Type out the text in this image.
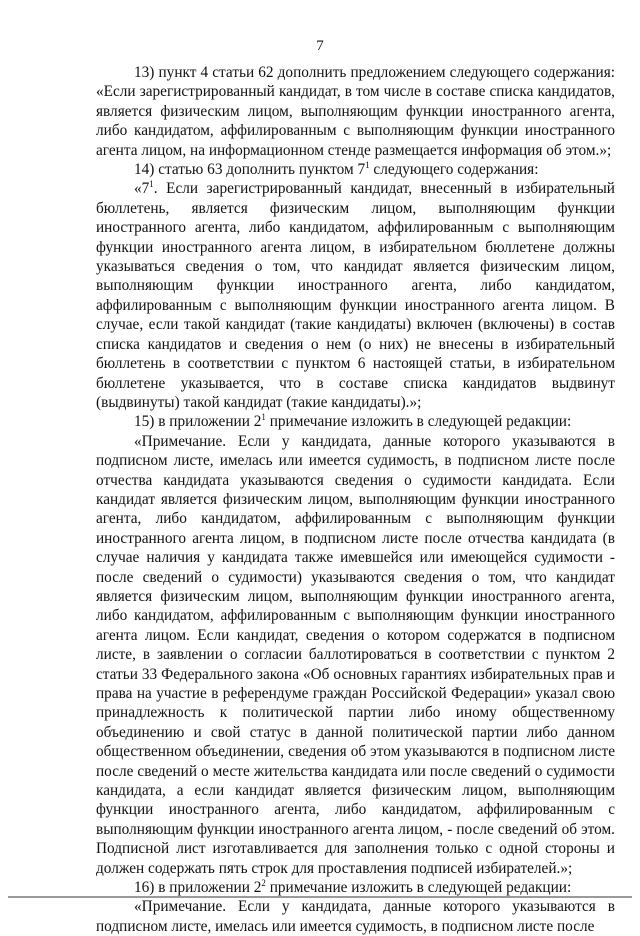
7

13) пункт 4 статьи 62 дополнить предложением следующего содержания: «Если зарегистрированный кандидат, в том числе в составе списка кандидатов, является физическим лицом, выполняющим функции иностранного агента, либо кандидатом, аффилированным с выполняющим функции иностранного агента лицом, на информационном стенде размещается информация об этом.»;

14) статью 63 дополнить пунктом $7^1$ следующего содержания:

«$7^1$. Если зарегистрированный кандидат, внесенный в избирательный бюллетень, является физическим лицом, выполняющим функции иностранного агента, либо кандидатом, аффилированным с выполняющим функции иностранного агента лицом, в избирательном бюллетене должны указываться сведения о том, что кандидат является физическим лицом, выполняющим функции иностранного агента, либо кандидатом, аффилированным с выполняющим функции иностранного агента лицом. В случае, если такой кандидат (такие кандидаты) включен (включены) в состав списка кандидатов и сведения о нем (о них) не внесены в избирательный бюллетень в соответствии с пунктом 6 настоящей статьи, в избирательном бюллетене указывается, что в составе списка кандидатов выдвинут (выдвинуты) такой кандидат (такие кандидаты).»;

15) в приложении $2^1$ примечание изложить в следующей редакции:

«Примечание. Если у кандидата, данные которого указываются в подписном листе, имелась или имеется судимость, в подписном листе после отчества кандидата указываются сведения о судимости кандидата. Если кандидат является физическим лицом, выполняющим функции иностранного агента, либо кандидатом, аффилированным с выполняющим функции иностранного агента лицом, в подписном листе после отчества кандидата (в случае наличия у кандидата также имевшейся или имеющейся судимости - после сведений о судимости) указываются сведения о том, что кандидат является физическим лицом, выполняющим функции иностранного агента, либо кандидатом, аффилированным с выполняющим функции иностранного агента лицом. Если кандидат, сведения о котором содержатся в подписном листе, в заявлении о согласии баллотироваться в соответствии с пунктом 2 статьи 33 Федерального закона «Об основных гарантиях избирательных прав и права на участие в референдуме граждан Российской Федерации» указал свою принадлежность к политической партии либо иному общественному объединению и свой статус в данной политической партии либо данном общественном объединении, сведения об этом указываются в подписном листе после сведений о месте жительства кандидата или после сведений о судимости кандидата, а если кандидат является физическим лицом, выполняющим функции иностранного агента, либо кандидатом, аффилированным с выполняющим функции иностранного агента лицом, - после сведений об этом. Подписной лист изготавливается для заполнения только с одной стороны и должен содержать пять строк для проставления подписей избирателей.»;

16) в приложении $2^2$ примечание изложить в следующей редакции:

«Примечание. Если у кандидата, данные которого указываются в подписном листе, имелась или имеется судимость, в подписном листе после
